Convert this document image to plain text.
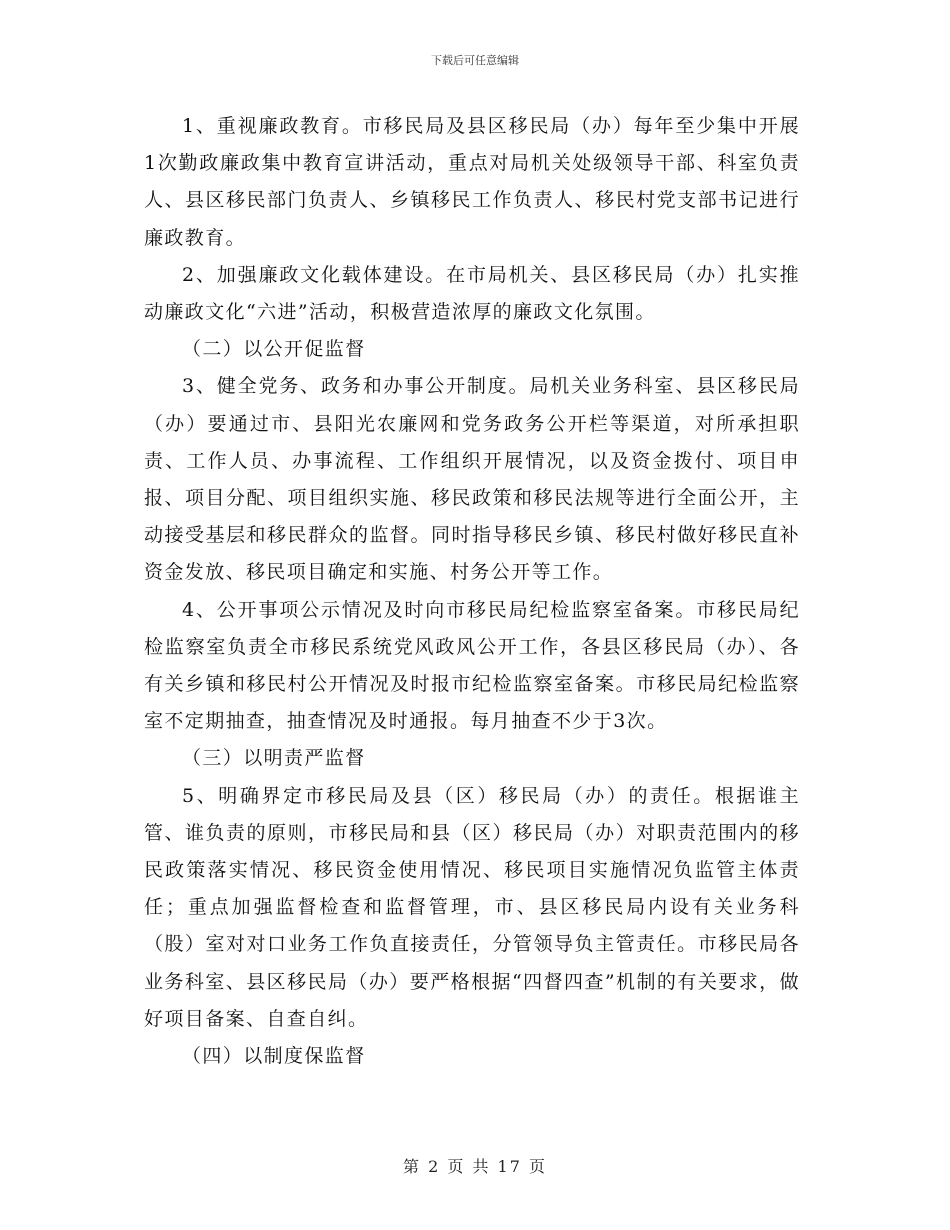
下载后可任意编辑

1、重视廉政教育。市移民局及县区移民局（办）每年至少集中开展1次勤政廉政集中教育宣讲活动，重点对局机关处级领导干部、科室负责人、县区移民部门负责人、乡镇移民工作负责人、移民村党支部书记进行廉政教育。

2、加强廉政文化载体建设。在市局机关、县区移民局（办）扎实推动廉政文化“六进”活动，积极营造浓厚的廉政文化氛围。

（二）以公开促监督

3、健全党务、政务和办事公开制度。局机关业务科室、县区移民局（办）要通过市、县阳光农廉网和党务政务公开栏等渠道，对所承担职责、工作人员、办事流程、工作组织开展情况，以及资金拨付、项目申报、项目分配、项目组织实施、移民政策和移民法规等进行全面公开，主动接受基层和移民群众的监督。同时指导移民乡镇、移民村做好移民直补资金发放、移民项目确定和实施、村务公开等工作。

4、公开事项公示情况及时向市移民局纪检监察室备案。市移民局纪检监察室负责全市移民系统党风政风公开工作，各县区移民局（办）、各有关乡镇和移民村公开情况及时报市纪检监察室备案。市移民局纪检监察室不定期抽查，抽查情况及时通报。每月抽查不少于3次。

（三）以明责严监督

5、明确界定市移民局及县（区）移民局（办）的责任。根据谁主管、谁负责的原则，市移民局和县（区）移民局（办）对职责范围内的移民政策落实情况、移民资金使用情况、移民项目实施情况负监管主体责任；重点加强监督检查和监督管理，市、县区移民局内设有关业务科（股）室对对口业务工作负直接责任，分管领导负主管责任。市移民局各业务科室、县区移民局（办）要严格根据“四督四查”机制的有关要求，做好项目备案、自查自纠。

（四）以制度保监督

第 2 页 共 17 页
